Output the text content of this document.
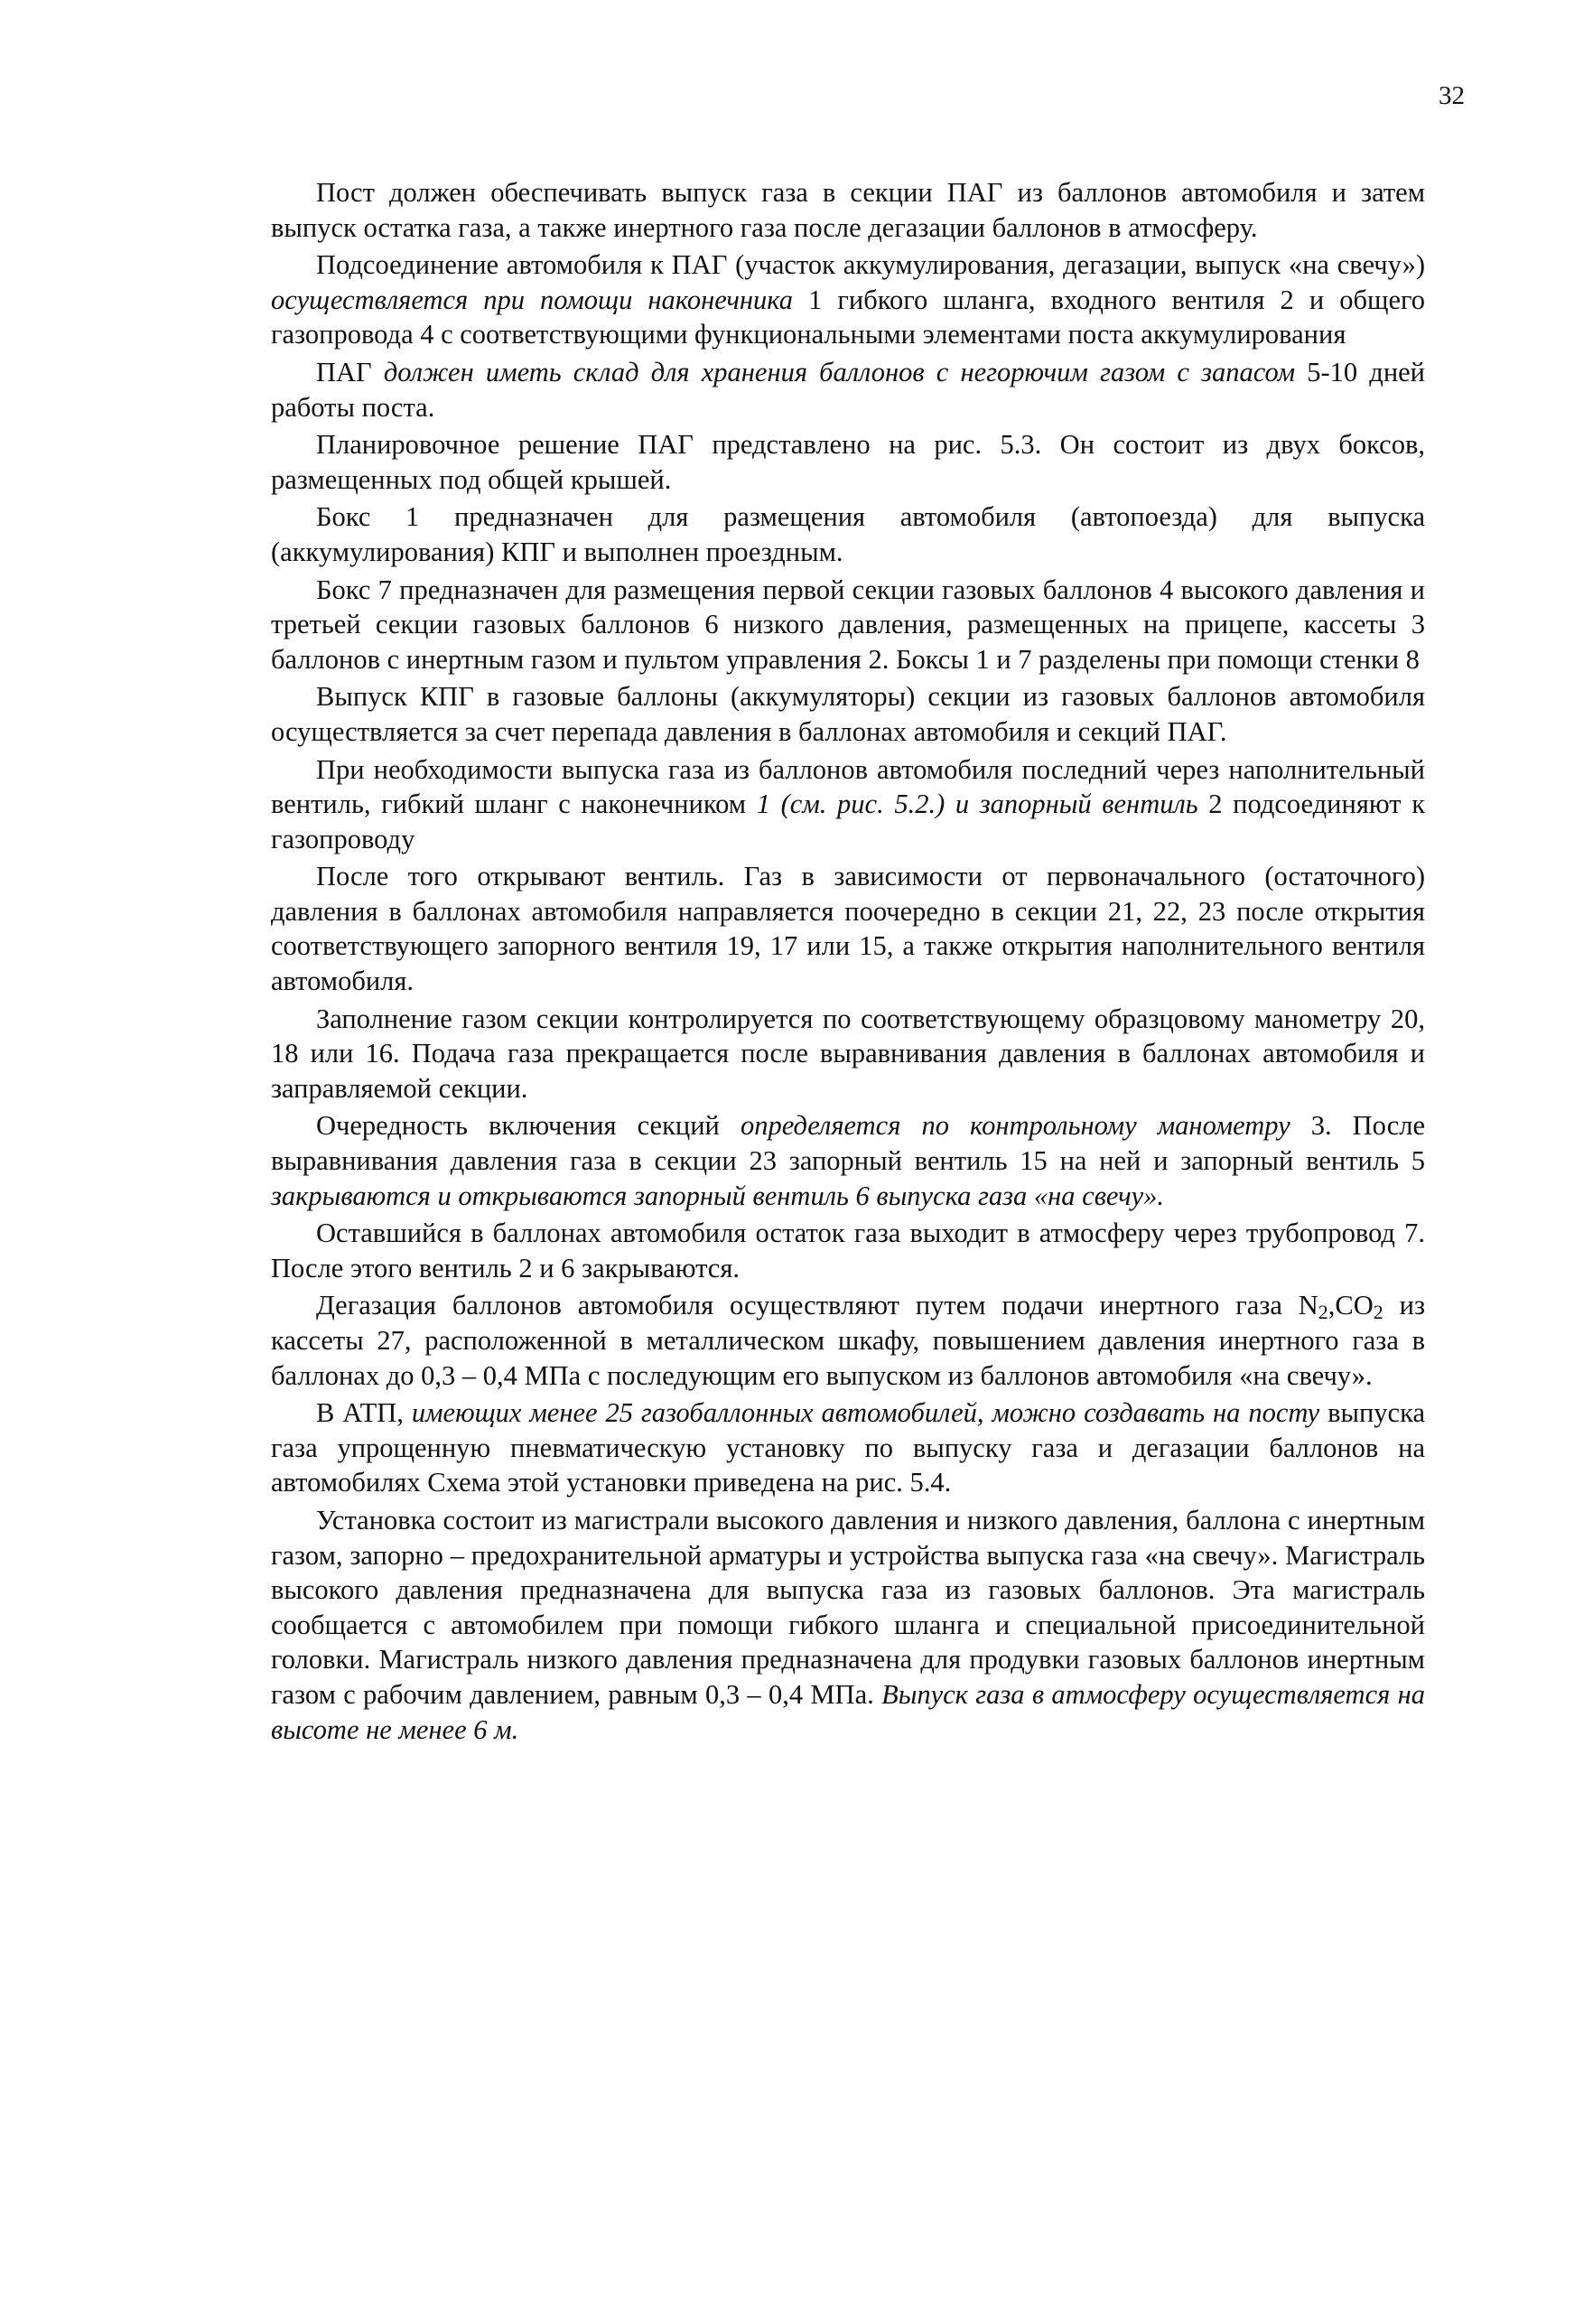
32

Пост должен обеспечивать выпуск газа в секции ПАГ из баллонов автомобиля и затем выпуск остатка газа, а также инертного газа после дегазации баллонов в атмосферу.

Подсоединение автомобиля к ПАГ (участок аккумулирования, дегазации, выпуск «на свечу») осуществляется при помощи наконечника 1 гибкого шланга, входного вентиля 2 и общего газопровода 4 с соответствующими функциональными элементами поста аккумулирования

ПАГ должен иметь склад для хранения баллонов с негорючим газом с запасом 5-10 дней работы поста.

Планировочное решение ПАГ представлено на рис. 5.3. Он состоит из двух боксов, размещенных под общей крышей.

Бокс 1 предназначен для размещения автомобиля (автопоезда) для выпуска (аккумулирования) КПГ и выполнен проездным.

Бокс 7 предназначен для размещения первой секции газовых баллонов 4 высокого давления и третьей секции газовых баллонов 6 низкого давления, размещенных на прицепе, кассеты 3 баллонов с инертным газом и пультом управления 2. Боксы 1 и 7 разделены при помощи стенки 8

Выпуск КПГ в газовые баллоны (аккумуляторы) секции из газовых баллонов автомобиля осуществляется за счет перепада давления в баллонах автомобиля и секций ПАГ.

При необходимости выпуска газа из баллонов автомобиля последний через наполнительный вентиль, гибкий шланг с наконечником 1 (см. рис. 5.2.) и запорный вентиль 2 подсоединяют к газопроводу

После того открывают вентиль. Газ в зависимости от первоначального (остаточного) давления в баллонах автомобиля направляется поочередно в секции 21, 22, 23 после открытия соответствующего запорного вентиля 19, 17 или 15, а также открытия наполнительного вентиля автомобиля.

Заполнение газом секции контролируется по соответствующему образцовому манометру 20, 18 или 16. Подача газа прекращается после выравнивания давления в баллонах автомобиля и заправляемой секции.

Очередность включения секций определяется по контрольному манометру 3. После выравнивания давления газа в секции 23 запорный вентиль 15 на ней и запорный вентиль 5 закрываются и открываются запорный вентиль 6 выпуска газа «на свечу».

Оставшийся в баллонах автомобиля остаток газа выходит в атмосферу через трубопровод 7. После этого вентиль 2 и 6 закрываются.

Дегазация баллонов автомобиля осуществляют путем подачи инертного газа $N_2,CO_2$ из кассеты 27, расположенной в металлическом шкафу, повышением давления инертного газа в баллонах до 0,3 – 0,4 МПа с последующим его выпуском из баллонов автомобиля «на свечу».

В АТП, имеющих менее 25 газобаллонных автомобилей, можно создавать на посту выпуска газа упрощенную пневматическую установку по выпуску газа и дегазации баллонов на автомобилях Схема этой установки приведена на рис. 5.4.

Установка состоит из магистрали высокого давления и низкого давления, баллона с инертным газом, запорно – предохранительной арматуры и устройства выпуска газа «на свечу». Магистраль высокого давления предназначена для выпуска газа из газовых баллонов. Эта магистраль сообщается с автомобилем при помощи гибкого шланга и специальной присоединительной головки. Магистраль низкого давления предназначена для продувки газовых баллонов инертным газом с рабочим давлением, равным 0,3 – 0,4 МПа. Выпуск газа в атмосферу осуществляется на высоте не менее 6 м.
